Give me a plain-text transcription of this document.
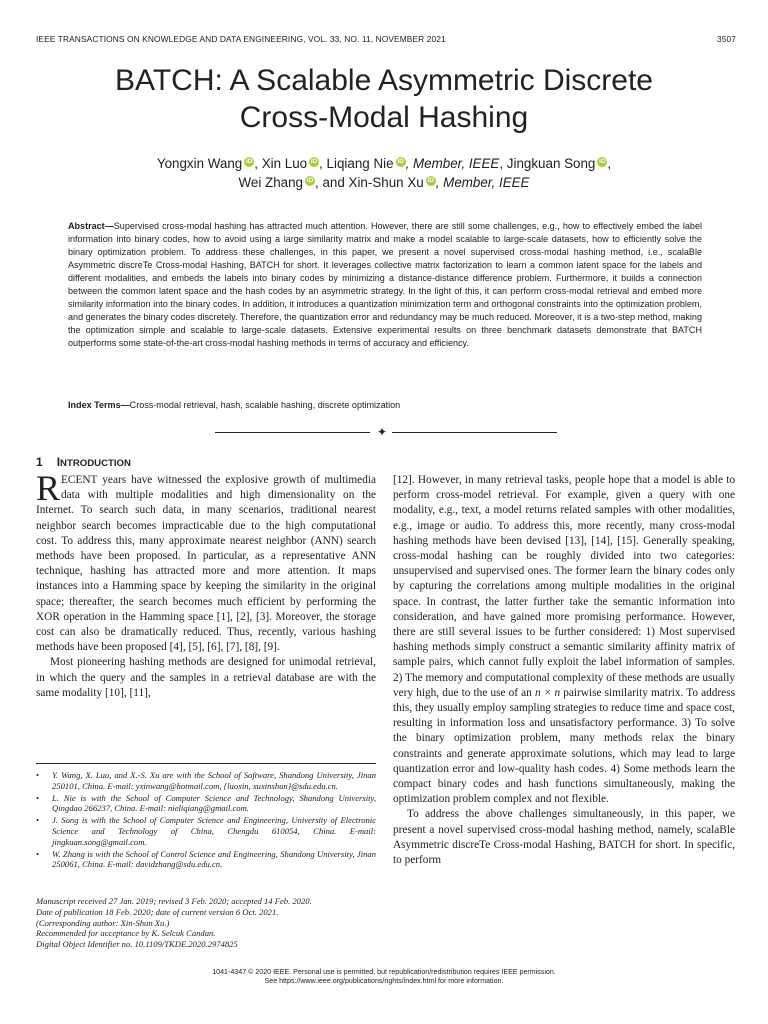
IEEE TRANSACTIONS ON KNOWLEDGE AND DATA ENGINEERING, VOL. 33, NO. 11, NOVEMBER 2021	3507
BATCH: A Scalable Asymmetric Discrete
Cross-Modal Hashing
Yongxin Wang iD , Xin Luo iD , Liqiang Nie iD , Member, IEEE, Jingkuan Song iD ,
Wei Zhang iD , and Xin-Shun Xu iD , Member, IEEE
Abstract—Supervised cross-modal hashing has attracted much attention. However, there are still some challenges, e.g., how to effectively embed the label information into binary codes, how to avoid using a large similarity matrix and make a model scalable to large-scale datasets, how to efficiently solve the binary optimization problem. To address these challenges, in this paper, we present a novel supervised cross-modal hashing method, i.e., scalaBle Asymmetric discreTe Cross-modal Hashing, BATCH for short. It leverages collective matrix factorization to learn a common latent space for the labels and different modalities, and embeds the labels into binary codes by minimizing a distance-distance difference problem. Furthermore, it builds a connection between the common latent space and the hash codes by an asymmetric strategy. In the light of this, it can perform cross-modal retrieval and embed more similarity information into the binary codes. In addition, it introduces a quantization minimization term and orthogonal constraints into the optimization problem, and generates the binary codes discretely. Therefore, the quantization error and redundancy may be much reduced. Moreover, it is a two-step method, making the optimization simple and scalable to large-scale datasets. Extensive experimental results on three benchmark datasets demonstrate that BATCH outperforms some state-of-the-art cross-modal hashing methods in terms of accuracy and efficiency.
Index Terms—Cross-modal retrieval, hash, scalable hashing, discrete optimization
✦
1 INTRODUCTION

RECENT years have witnessed the explosive growth of multimedia data with multiple modalities and high dimensionality on the Internet. To search such data, in many scenarios, traditional nearest neighbor search becomes impracticable due to the high computational cost. To address this, many approximate nearest neighbor (ANN) search methods have been proposed. In particular, as a representative ANN technique, hashing has attracted more and more attention. It maps instances into a Hamming space by keeping the similarity in the original space; thereafter, the search becomes much efficient by performing the XOR operation in the Hamming space [1], [2], [3]. Moreover, the storage cost can also be dramatically reduced. Thus, recently, various hashing methods have been proposed [4], [5], [6], [7], [8], [9].

Most pioneering hashing methods are designed for unimodal retrieval, in which the query and the samples in a retrieval database are with the same modality [10], [11],

• Y. Wang, X. Luo, and X.-S. Xu are with the School of Software, Shandong University, Jinan 250101, China. E-mail: yxinwang@hotmail.com, {luoxin, xuxinshun}@sdu.edu.cn.
• L. Nie is with the School of Computer Science and Technology, Shandong University, Qingdao 266237, China. E-mail: nieliqiang@gmail.com.
• J. Song is with the School of Computer Science and Engineering, University of Electronic Science and Technology of China, Chengdu 610054, China. E-mail: jingkuan.song@gmail.com.
• W. Zhang is with the School of Control Science and Engineering, Shandong University, Jinan 250061, China. E-mail: davidzhang@sdu.edu.cn.

Manuscript received 27 Jan. 2019; revised 3 Feb. 2020; accepted 14 Feb. 2020.

Date of publication 18 Feb. 2020; date of current version 6 Oct. 2021.

(Corresponding author: Xin-Shun Xu.)

Recommended for acceptance by K. Selcuk Candan.

Digital Object Identifier no. 10.1109/TKDE.2020.2974825

[12]. However, in many retrieval tasks, people hope that a model is able to perform cross-model retrieval. For example, given a query with one modality, e.g., text, a model returns related samples with other modalities, e.g., image or audio. To address this, more recently, many cross-modal hashing methods have been devised [13], [14], [15]. Generally speaking, cross-modal hashing can be roughly divided into two categories: unsupervised and supervised ones. The former learn the binary codes only by capturing the correlations among multiple modalities in the original space. In contrast, the latter further take the semantic information into consideration, and have gained more promising performance. However, there are still several issues to be further considered: 1) Most supervised hashing methods simply construct a semantic similarity affinity matrix of sample pairs, which cannot fully exploit the label information of samples. 2) The memory and computational complexity of these methods are usually very high, due to the use of an n × n pairwise similarity matrix. To address this, they usually employ sampling strategies to reduce time and space cost, resulting in information loss and unsatisfactory performance. 3) To solve the binary optimization problem, many methods relax the binary constraints and generate approximate solutions, which may lead to large quantization error and low-quality hash codes. 4) Some methods learn the compact binary codes and hash functions simultaneously, making the optimization problem complex and not flexible.

To address the above challenges simultaneously, in this paper, we present a novel supervised cross-modal hashing method, namely, scalaBle Asymmetric discreTe Cross-modal Hashing, BATCH for short. In specific, to perform

1041-4347 © 2020 IEEE. Personal use is permitted, but republication/redistribution requires IEEE permission.

See https://www.ieee.org/publications/rights/index.html for more information.
